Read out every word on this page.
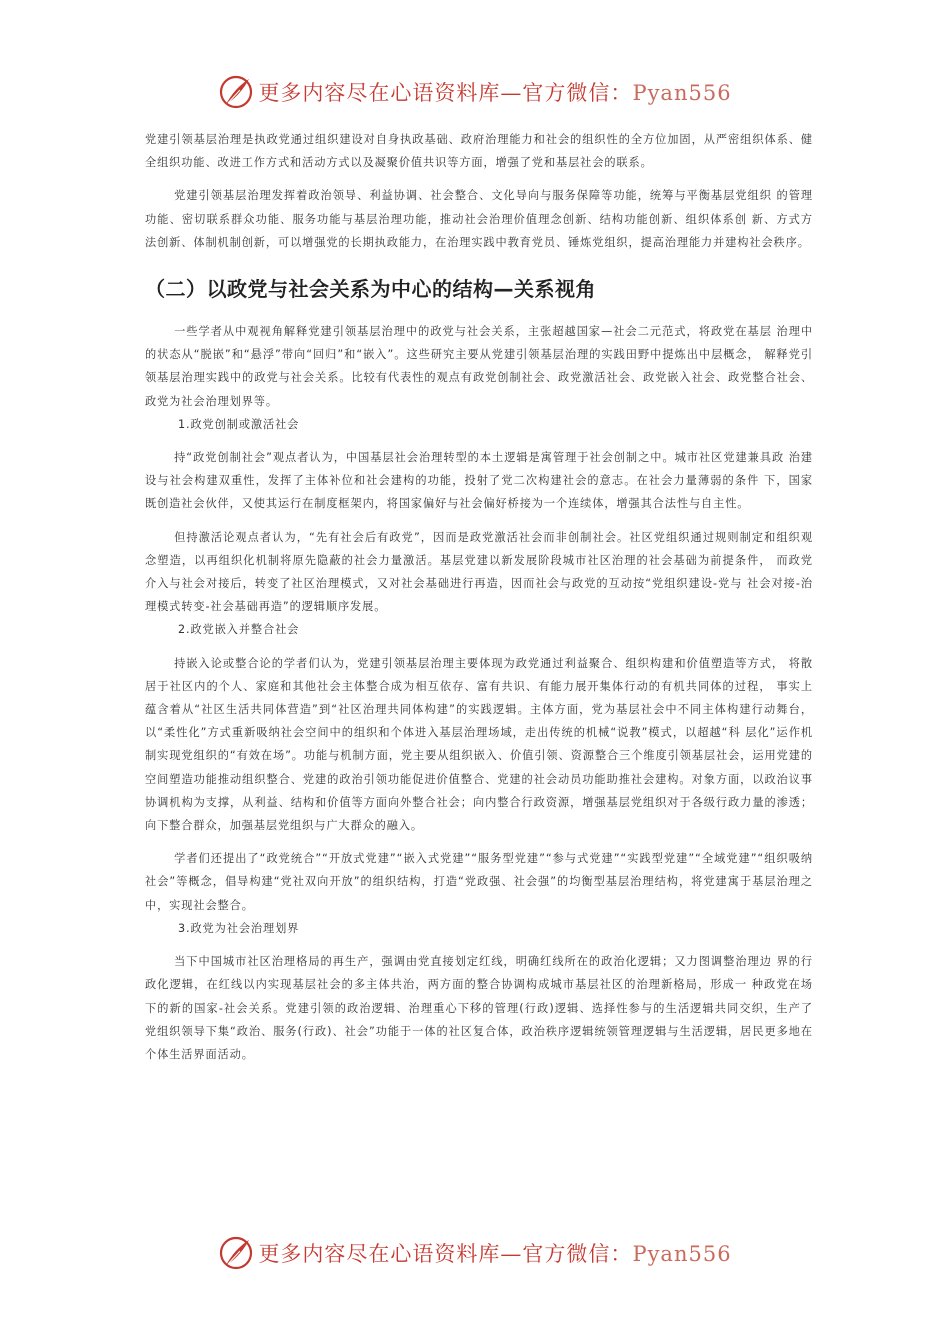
更多内容尽在心语资料库—官方微信：Pyan556

党建引领基层治理是执政党通过组织建设对自身执政基础、政府治理能力和社会的组织性的全方位加固，从严密组织体系、健全组织功能、改进工作方式和活动方式以及凝聚价值共识等方面，增强了党和基层社会的联系。

党建引领基层治理发挥着政治领导、利益协调、社会整合、文化导向与服务保障等功能，统筹与平衡基层党组织 的管理功能、密切联系群众功能、服务功能与基层治理功能，推动社会治理价值理念创新、结构功能创新、组织体系创 新、方式方法创新、体制机制创新，可以增强党的长期执政能力，在治理实践中教育党员、锤炼党组织，提高治理能力并建构社会秩序。

（二）以政党与社会关系为中心的结构—关系视角

一些学者从中观视角解释党建引领基层治理中的政党与社会关系，主张超越国家—社会二元范式，将政党在基层 治理中的状态从“脱嵌”和“悬浮”带向“回归”和“嵌入”。这些研究主要从党建引领基层治理的实践田野中提炼出中层概念， 解释党引领基层治理实践中的政党与社会关系。比较有代表性的观点有政党创制社会、政党激活社会、政党嵌入社会、政党整合社会、政党为社会治理划界等。

1.政党创制或激活社会

持“政党创制社会”观点者认为，中国基层社会治理转型的本土逻辑是寓管理于社会创制之中。城市社区党建兼具政 治建设与社会构建双重性，发挥了主体补位和社会建构的功能，投射了党二次构建社会的意志。在社会力量薄弱的条件 下，国家既创造社会伙伴，又使其运行在制度框架内，将国家偏好与社会偏好桥接为一个连续体，增强其合法性与自主性。

但持激活论观点者认为，“先有社会后有政党”，因而是政党激活社会而非创制社会。社区党组织通过规则制定和组织观念塑造，以再组织化机制将原先隐蔽的社会力量激活。基层党建以新发展阶段城市社区治理的社会基础为前提条件， 而政党介入与社会对接后，转变了社区治理模式，又对社会基础进行再造，因而社会与政党的互动按“党组织建设-党与 社会对接-治理模式转变-社会基础再造”的逻辑顺序发展。

2.政党嵌入并整合社会

持嵌入论或整合论的学者们认为，党建引领基层治理主要体现为政党通过利益聚合、组织构建和价值塑造等方式， 将散居于社区内的个人、家庭和其他社会主体整合成为相互依存、富有共识、有能力展开集体行动的有机共同体的过程， 事实上蕴含着从“社区生活共同体营造”到“社区治理共同体构建”的实践逻辑。主体方面，党为基层社会中不同主体构建行动舞台，以“柔性化”方式重新吸纳社会空间中的组织和个体进入基层治理场域，走出传统的机械“说教”模式，以超越“科 层化”运作机制实现党组织的“有效在场”。功能与机制方面，党主要从组织嵌入、价值引领、资源整合三个维度引领基层社会，运用党建的空间塑造功能推动组织整合、党建的政治引领功能促进价值整合、党建的社会动员功能助推社会建构。对象方面，以政治议事协调机构为支撑，从利益、结构和价值等方面向外整合社会；向内整合行政资源，增强基层党组织对于各级行政力量的渗透；向下整合群众，加强基层党组织与广大群众的融入。

学者们还提出了“政党统合”“开放式党建”“嵌入式党建”“服务型党建”“参与式党建”“实践型党建”“全域党建”“组织吸纳社会”等概念，倡导构建“党社双向开放”的组织结构，打造“党政强、社会强”的均衡型基层治理结构，将党建寓于基层治理之中，实现社会整合。

3.政党为社会治理划界

当下中国城市社区治理格局的再生产，强调由党直接划定红线，明确红线所在的政治化逻辑；又力图调整治理边 界的行政化逻辑，在红线以内实现基层社会的多主体共治，两方面的整合协调构成城市基层社区的治理新格局，形成一 种政党在场下的新的国家-社会关系。党建引领的政治逻辑、治理重心下移的管理(行政)逻辑、选择性参与的生活逻辑共同交织，生产了党组织领导下集“政治、服务(行政)、社会”功能于一体的社区复合体，政治秩序逻辑统领管理逻辑与生活逻辑，居民更多地在个体生活界面活动。

更多内容尽在心语资料库—官方微信：Pyan556
